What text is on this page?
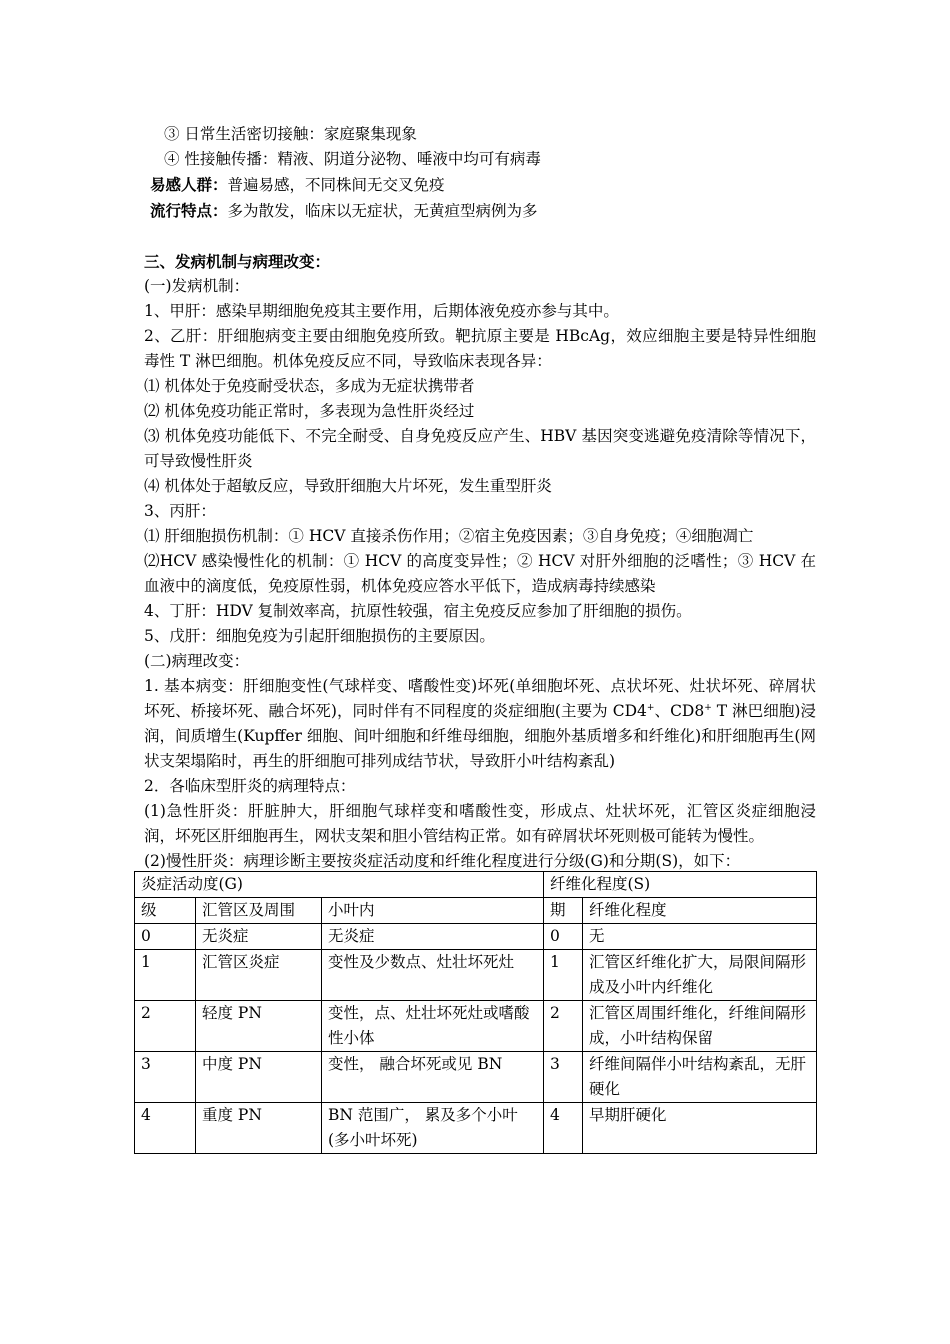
③ 日常生活密切接触：家庭聚集现象
④ 性接触传播：精液、阴道分泌物、唾液中均可有病毒
易感人群：普遍易感，不同株间无交叉免疫
流行特点：多为散发，临床以无症状，无黄疸型病例为多
三、发病机制与病理改变：
(一)发病机制：
1、甲肝：感染早期细胞免疫其主要作用，后期体液免疫亦参与其中。
2、乙肝：肝细胞病变主要由细胞免疫所致。靶抗原主要是 HBcAg，效应细胞主要是特异性细胞毒性 T 淋巴细胞。机体免疫反应不同，导致临床表现各异：
⑴ 机体处于免疫耐受状态，多成为无症状携带者
⑵ 机体免疫功能正常时，多表现为急性肝炎经过
⑶ 机体免疫功能低下、不完全耐受、自身免疫反应产生、HBV 基因突变逃避免疫清除等情况下，可导致慢性肝炎
⑷ 机体处于超敏反应，导致肝细胞大片坏死，发生重型肝炎
3、丙肝：
⑴ 肝细胞损伤机制：① HCV 直接杀伤作用；②宿主免疫因素；③自身免疫；④细胞凋亡
⑵HCV 感染慢性化的机制：① HCV 的高度变异性；② HCV 对肝外细胞的泛嗜性；③ HCV 在血液中的滴度低，免疫原性弱，机体免疫应答水平低下，造成病毒持续感染
4、丁肝：HDV 复制效率高，抗原性较强，宿主免疫反应参加了肝细胞的损伤。
5、戊肝：细胞免疫为引起肝细胞损伤的主要原因。
(二)病理改变：
1. 基本病变：肝细胞变性(气球样变、嗜酸性变)坏死(单细胞坏死、点状坏死、灶状坏死、碎屑状坏死、桥接坏死、融合坏死)，同时伴有不同程度的炎症细胞(主要为 CD4+、CD8+ T 淋巴细胞)浸润，间质增生(Kupffer 细胞、间叶细胞和纤维母细胞，细胞外基质增多和纤维化)和肝细胞再生(网状支架塌陷时，再生的肝细胞可排列成结节状，导致肝小叶结构紊乱)
2．各临床型肝炎的病理特点：
(1)急性肝炎：肝脏肿大，肝细胞气球样变和嗜酸性变，形成点、灶状坏死，汇管区炎症细胞浸润，坏死区肝细胞再生，网状支架和胆小管结构正常。如有碎屑状坏死则极可能转为慢性。
(2)慢性肝炎：病理诊断主要按炎症活动度和纤维化程度进行分级(G)和分期(S)，如下：
炎症活动度(G)			纤维化程度(S)	
级	汇管区及周围	小叶内	期	纤维化程度
0	无炎症	无炎症	0	无
1	汇管区炎症	变性及少数点、灶壮坏死灶	1	汇管区纤维化扩大，局限间隔形成及小叶内纤维化
2	轻度 PN	变性，点、灶壮坏死灶或嗜酸性小体	2	汇管区周围纤维化，纤维间隔形成，小叶结构保留
3	中度 PN	变性， 融合坏死或见 BN	3	纤维间隔伴小叶结构紊乱，无肝硬化
4	重度 PN	BN 范围广， 累及多个小叶(多小叶坏死)	4	早期肝硬化
